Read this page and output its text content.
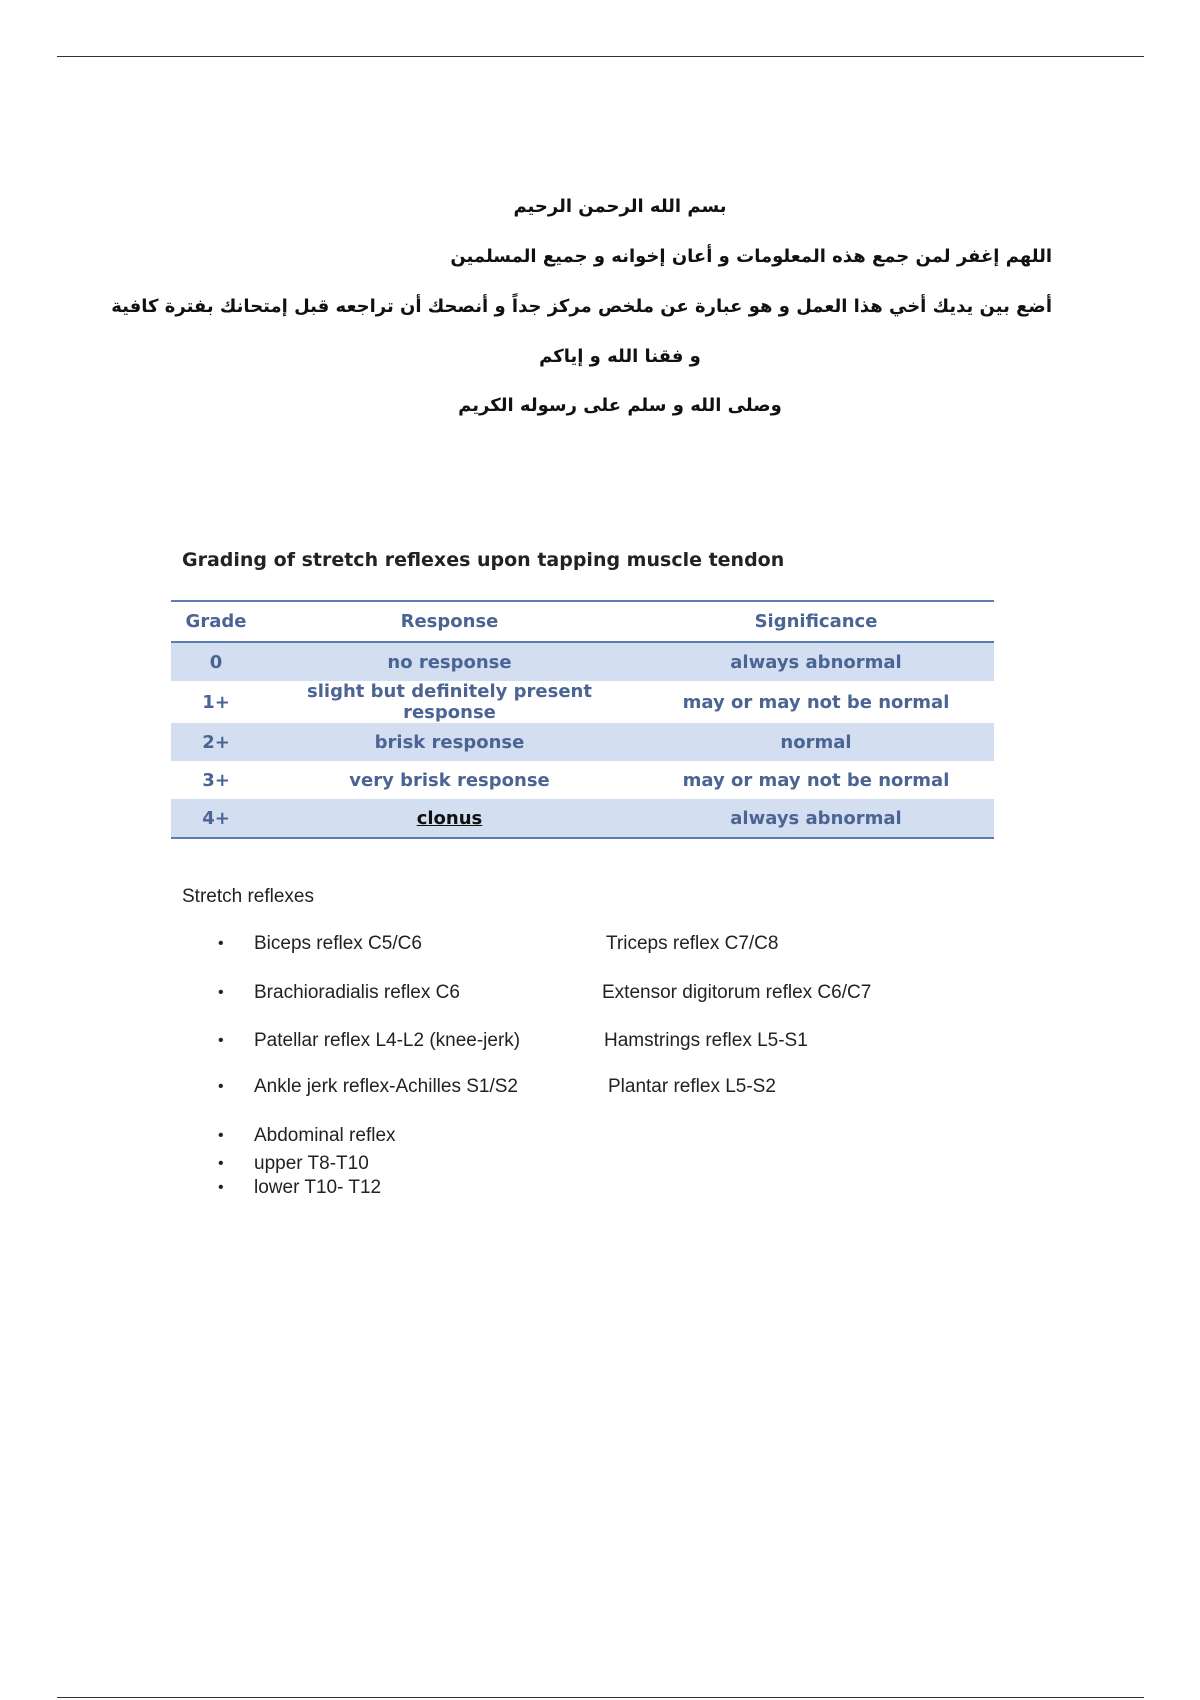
بسم الله الرحمن الرحيم
اللهم إغفر لمن جمع هذه المعلومات و أعان إخوانه و جميع المسلمين
أضع بين يديك أخي هذا العمل و هو عبارة عن ملخص مركز جداً و أنصحك أن تراجعه قبل إمتحانك بفترة كافية
و فقنا الله و إياكم
وصلى الله و سلم على رسوله الكريم
Grading of stretch reflexes upon tapping muscle tendon
Grade	Response	Significance
0	no response	always abnormal
1+	slight but definitely present response	may or may not be normal
2+	brisk response	normal
3+	very brisk response	may or may not be normal
4+	clonus	always abnormal
Stretch reflexes
• Biceps reflex C5/C6	Triceps reflex C7/C8
• Brachioradialis reflex C6	Extensor digitorum reflex C6/C7
• Patellar reflex L4-L2 (knee-jerk)	Hamstrings reflex L5-S1
• Ankle jerk reflex-Achilles S1/S2	Plantar reflex L5-S2
• Abdominal reflex
• upper T8-T10
• lower T10- T12
